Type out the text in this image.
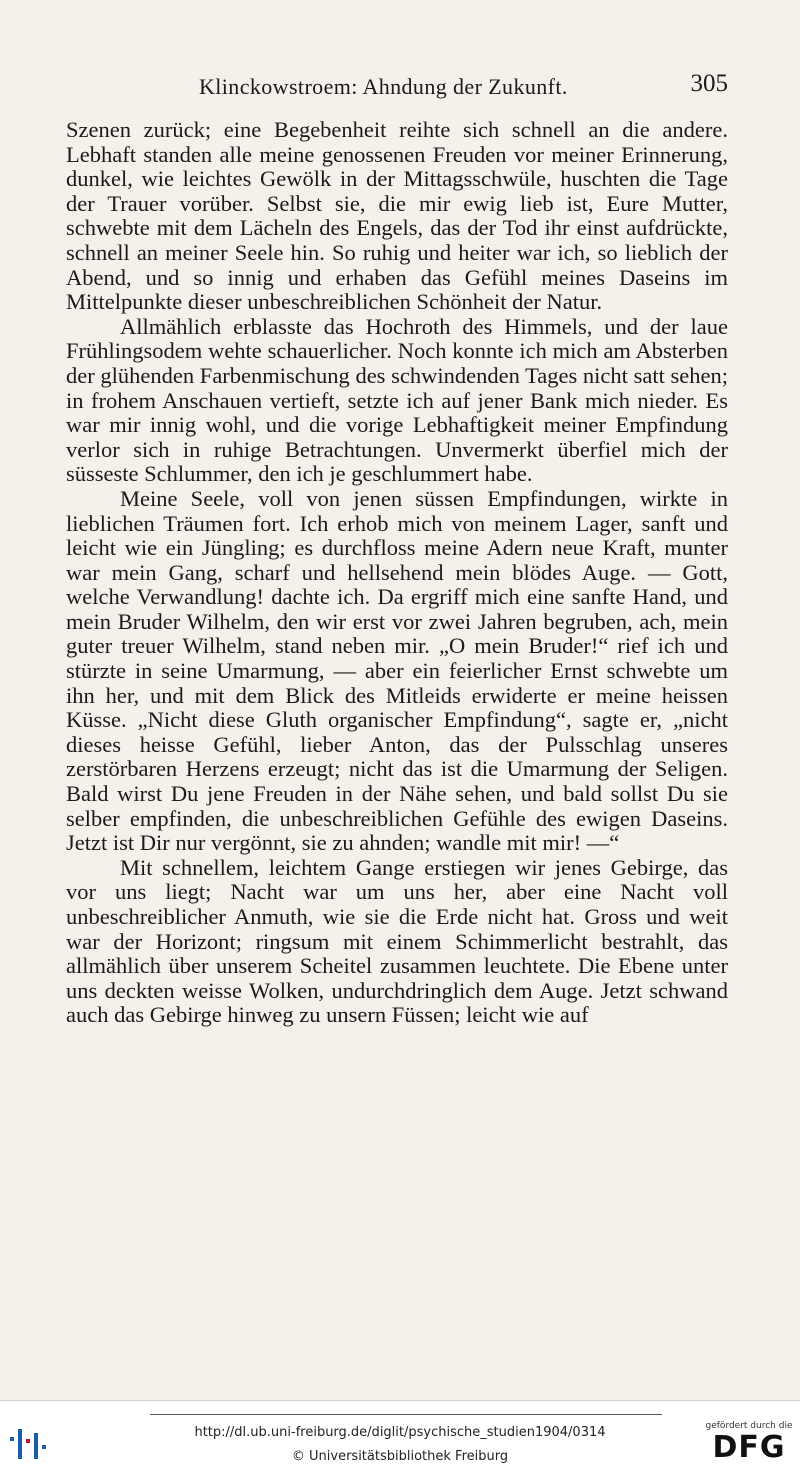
Klinckowstroem: Ahndung der Zukunft.	305

Szenen zurück; eine Begebenheit reihte sich schnell an die andere. Lebhaft standen alle meine genossenen Freuden vor meiner Erinnerung, dunkel, wie leichtes Gewölk in der Mittagsschwüle, huschten die Tage der Trauer vorüber. Selbst sie, die mir ewig lieb ist, Eure Mutter, schwebte mit dem Lächeln des Engels, das der Tod ihr einst aufdrückte, schnell an meiner Seele hin. So ruhig und heiter war ich, so lieblich der Abend, und so innig und erhaben das Gefühl meines Daseins im Mittelpunkte dieser unbeschreiblichen Schönheit der Natur.

Allmählich erblasste das Hochroth des Himmels, und der laue Frühlingsodem wehte schauerlicher. Noch konnte ich mich am Absterben der glühenden Farbenmischung des schwindenden Tages nicht satt sehen; in frohem Anschauen vertieft, setzte ich auf jener Bank mich nieder. Es war mir innig wohl, und die vorige Lebhaftigkeit meiner Empfindung verlor sich in ruhige Betrachtungen. Unvermerkt überfiel mich der süsseste Schlummer, den ich je geschlummert habe.

Meine Seele, voll von jenen süssen Empfindungen, wirkte in lieblichen Träumen fort. Ich erhob mich von meinem Lager, sanft und leicht wie ein Jüngling; es durchfloss meine Adern neue Kraft, munter war mein Gang, scharf und hellsehend mein blödes Auge. — Gott, welche Verwandlung! dachte ich. Da ergriff mich eine sanfte Hand, und mein Bruder Wilhelm, den wir erst vor zwei Jahren begruben, ach, mein guter treuer Wilhelm, stand neben mir. „O mein Bruder!“ rief ich und stürzte in seine Umarmung, — aber ein feierlicher Ernst schwebte um ihn her, und mit dem Blick des Mitleids erwiderte er meine heissen Küsse. „Nicht diese Gluth organischer Empfindung“, sagte er, „nicht dieses heisse Gefühl, lieber Anton, das der Pulsschlag unseres zerstörbaren Herzens erzeugt; nicht das ist die Umarmung der Seligen. Bald wirst Du jene Freuden in der Nähe sehen, und bald sollst Du sie selber empfinden, die unbeschreiblichen Gefühle des ewigen Daseins. Jetzt ist Dir nur vergönnt, sie zu ahnden; wandle mit mir! —“

Mit schnellem, leichtem Gange erstiegen wir jenes Gebirge, das vor uns liegt; Nacht war um uns her, aber eine Nacht voll unbeschreiblicher Anmuth, wie sie die Erde nicht hat. Gross und weit war der Horizont; ringsum mit einem Schimmerlicht bestrahlt, das allmählich über unserem Scheitel zusammen leuchtete. Die Ebene unter uns deckten weisse Wolken, undurchdringlich dem Auge. Jetzt schwand auch das Gebirge hinweg zu unsern Füssen; leicht wie auf

http://dl.ub.uni-freiburg.de/diglit/psychische_studien1904/0314
© Universitätsbibliothek Freiburg
gefördert durch die
DFG
